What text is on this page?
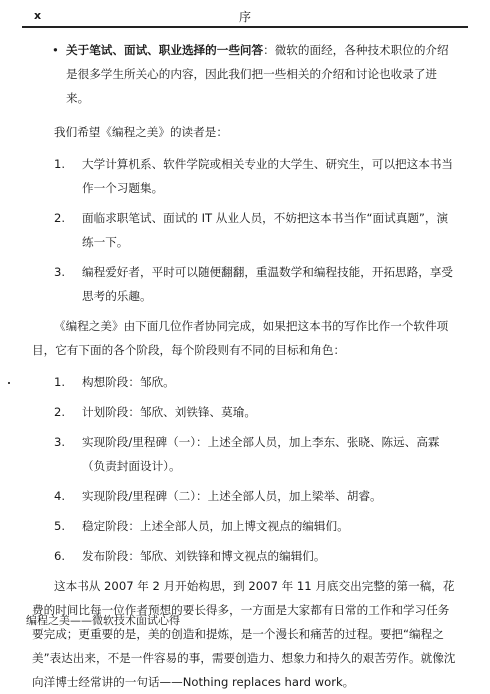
x	序

• 关于笔试、面试、职业选择的一些问答：微软的面经，各种技术职位的介绍是很多学生所关心的内容，因此我们把一些相关的介绍和讨论也收录了进来。

我们希望《编程之美》的读者是：

1. 大学计算机系、软件学院或相关专业的大学生、研究生，可以把这本书当作一个习题集。

2. 面临求职笔试、面试的 IT 从业人员，不妨把这本书当作“面试真题”，演练一下。

3. 编程爱好者，平时可以随便翻翻，重温数学和编程技能，开拓思路，享受思考的乐趣。

《编程之美》由下面几位作者协同完成，如果把这本书的写作比作一个软件项目，它有下面的各个阶段，每个阶段则有不同的目标和角色：

1. 构想阶段：邹欣。

2. 计划阶段：邹欣、刘铁锋、莫瑜。

3. 实现阶段/里程碑（一）：上述全部人员，加上李东、张晓、陈远、高霖（负责封面设计）。

4. 实现阶段/里程碑（二）：上述全部人员，加上梁举、胡睿。

5. 稳定阶段：上述全部人员，加上博文视点的编辑们。

6. 发布阶段：邹欣、刘铁锋和博文视点的编辑们。

这本书从 2007 年 2 月开始构思，到 2007 年 11 月底交出完整的第一稿，花费的时间比每一位作者预想的要长得多，一方面是大家都有日常的工作和学习任务要完成；更重要的是，美的创造和提炼，是一个漫长和痛苦的过程。要把“编程之美”表达出来，不是一件容易的事，需要创造力、想象力和持久的艰苦劳作。就像沈向洋博士经常讲的一句话——Nothing replaces hard work。

编程之美——微软技术面试心得
